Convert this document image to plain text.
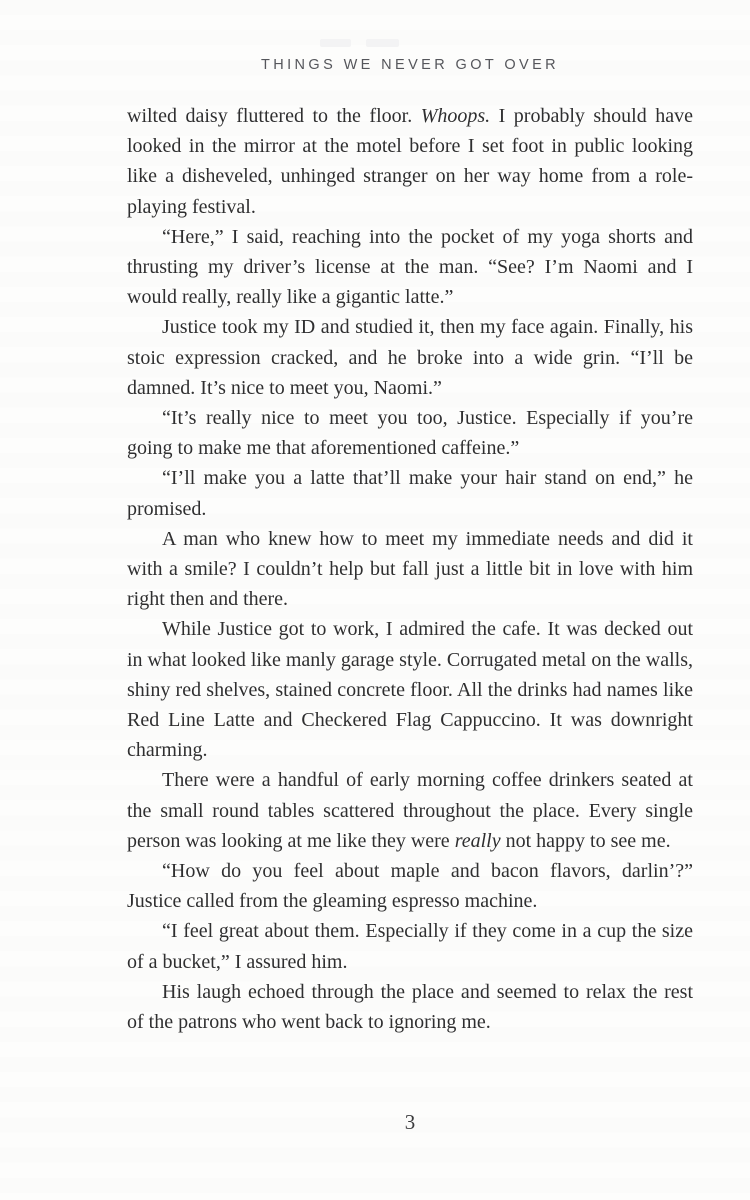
THINGS WE NEVER GOT OVER

wilted daisy fluttered to the floor. Whoops. I probably should have looked in the mirror at the motel before I set foot in public looking like a disheveled, unhinged stranger on her way home from a role-playing festival.

“Here,” I said, reaching into the pocket of my yoga shorts and thrusting my driver’s license at the man. “See? I’m Naomi and I would really, really like a gigantic latte.”

Justice took my ID and studied it, then my face again. Finally, his stoic expression cracked, and he broke into a wide grin. “I’ll be damned. It’s nice to meet you, Naomi.”

“It’s really nice to meet you too, Justice. Especially if you’re going to make me that aforementioned caffeine.”

“I’ll make you a latte that’ll make your hair stand on end,” he promised.

A man who knew how to meet my immediate needs and did it with a smile? I couldn’t help but fall just a little bit in love with him right then and there.

While Justice got to work, I admired the cafe. It was decked out in what looked like manly garage style. Corrugated metal on the walls, shiny red shelves, stained concrete floor. All the drinks had names like Red Line Latte and Checkered Flag Cappuccino. It was downright charming.

There were a handful of early morning coffee drinkers seated at the small round tables scattered throughout the place. Every single person was looking at me like they were really not happy to see me.

“How do you feel about maple and bacon flavors, darlin’?” Justice called from the gleaming espresso machine.

“I feel great about them. Especially if they come in a cup the size of a bucket,” I assured him.

His laugh echoed through the place and seemed to relax the rest of the patrons who went back to ignoring me.

3
